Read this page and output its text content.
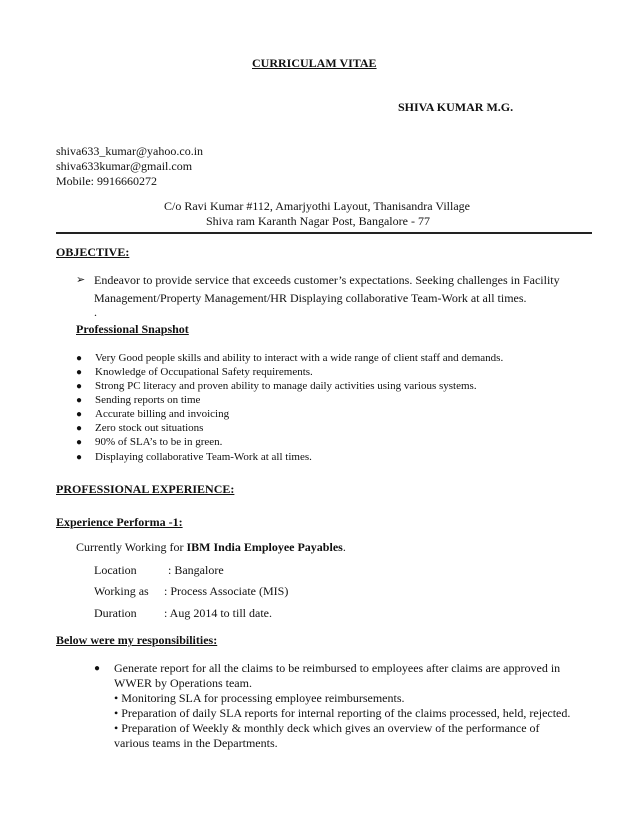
CURRICULAM VITAE
SHIVA KUMAR M.G.
shiva633_kumar@yahoo.co.in
shiva633kumar@gmail.com
Mobile: 9916660272
C/o Ravi Kumar #112, Amarjyothi Layout, Thanisandra Village
Shiva ram Karanth Nagar Post, Bangalore - 77
OBJECTIVE:
➢ Endeavor to provide service that exceeds customer’s expectations. Seeking challenges in Facility
Management/Property Management/HR Displaying collaborative Team-Work at all times.
.
Professional Snapshot
● Very Good people skills and ability to interact with a wide range of client staff and demands.
● Knowledge of Occupational Safety requirements.
● Strong PC literacy and proven ability to manage daily activities using various systems.
● Sending reports on time
● Accurate billing and invoicing
● Zero stock out situations
● 90% of SLA’s to be in green.
● Displaying collaborative Team-Work at all times.
PROFESSIONAL EXPERIENCE:
Experience Performa -1:
Currently Working for IBM India Employee Payables.
Location	: Bangalore
Working as : Process Associate (MIS)
Duration : Aug 2014 to till date.
Below were my responsibilities:
● Generate report for all the claims to be reimbursed to employees after claims are approved in
WWER by Operations team.
• Monitoring SLA for processing employee reimbursements.
• Preparation of daily SLA reports for internal reporting of the claims processed, held, rejected.
• Preparation of Weekly & monthly deck which gives an overview of the performance of
various teams in the Departments.
